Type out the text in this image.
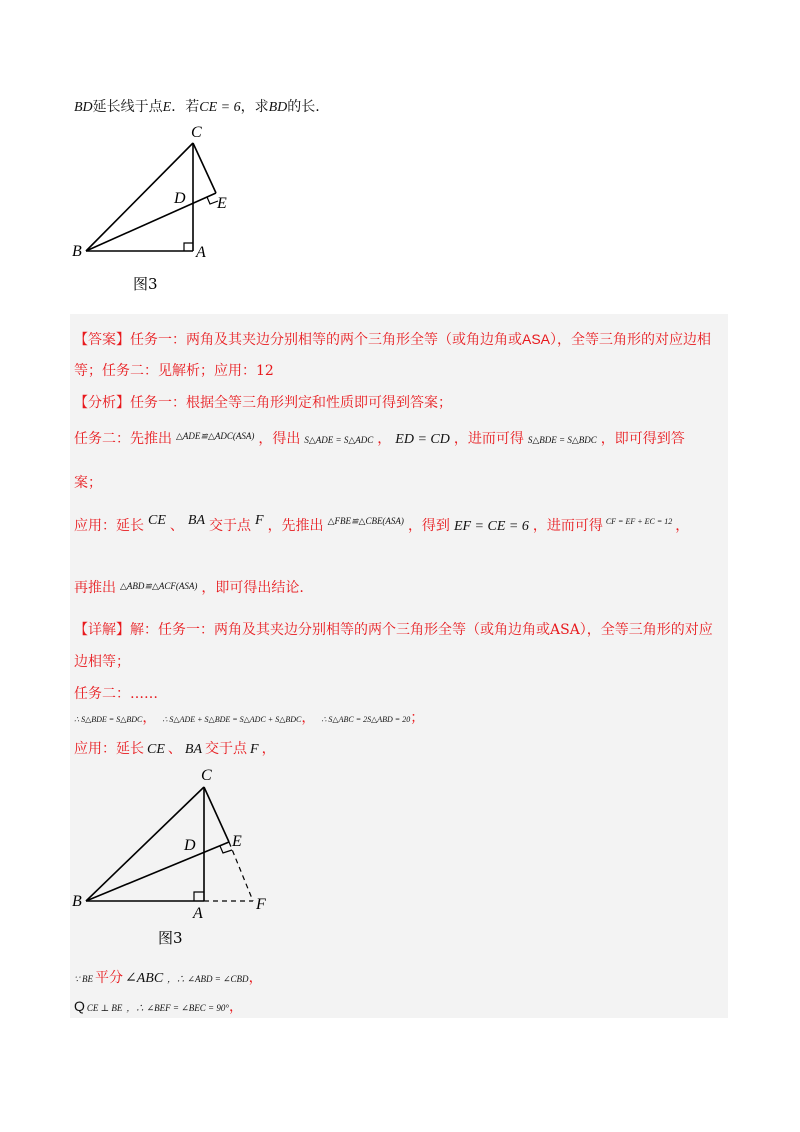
BD延长线于点E．若CE = 6，求BD的长.
C
D E
B	A
图3
【答案】任务一：两角及其夹边分别相等的两个三角形全等（或角边角或ASA），全等三角形的对应边相
等；任务二：见解析；应用：12
【分析】任务一：根据全等三角形判定和性质即可得到答案；
任务二：先推出 $^{\triangle ADE≌\triangle ADC(ASA)}$ ，得出 S△ADE = S△ADC ， ED = CD ，进而可得 S△BDE = S△BDC ，即可得到答
案；
应用：延长 CE 、 BA 交于点 F ，先推出 $^{\triangle FBE≌\triangle CBE(ASA)}$ ，得到 EF = CE = 6 ，进而可得 $^{CF = EF + EC = 12}$ ，
再推出 $^{\triangle ABD≌\triangle ACF(ASA)}$ ，即可得出结论.
【详解】解：任务一：两角及其夹边分别相等的两个三角形全等（或角边角或ASA），全等三角形的对应
边相等；
任务二：……
∴ S△BDE = S△BDC， ∴ S△ADE + S△BDE = S△ADC + S△BDC， ∴ S△ABC = 2S△ABD = 20；
应用：延长 CE 、 BA 交于点 F ，
C
D E
B
A
F
图3
∵ BE 平分 ∠ABC ，∴ ∠ABD = ∠CBD，
QCE ⊥ BE ，∴ ∠BEF = ∠BEC = 90°，
